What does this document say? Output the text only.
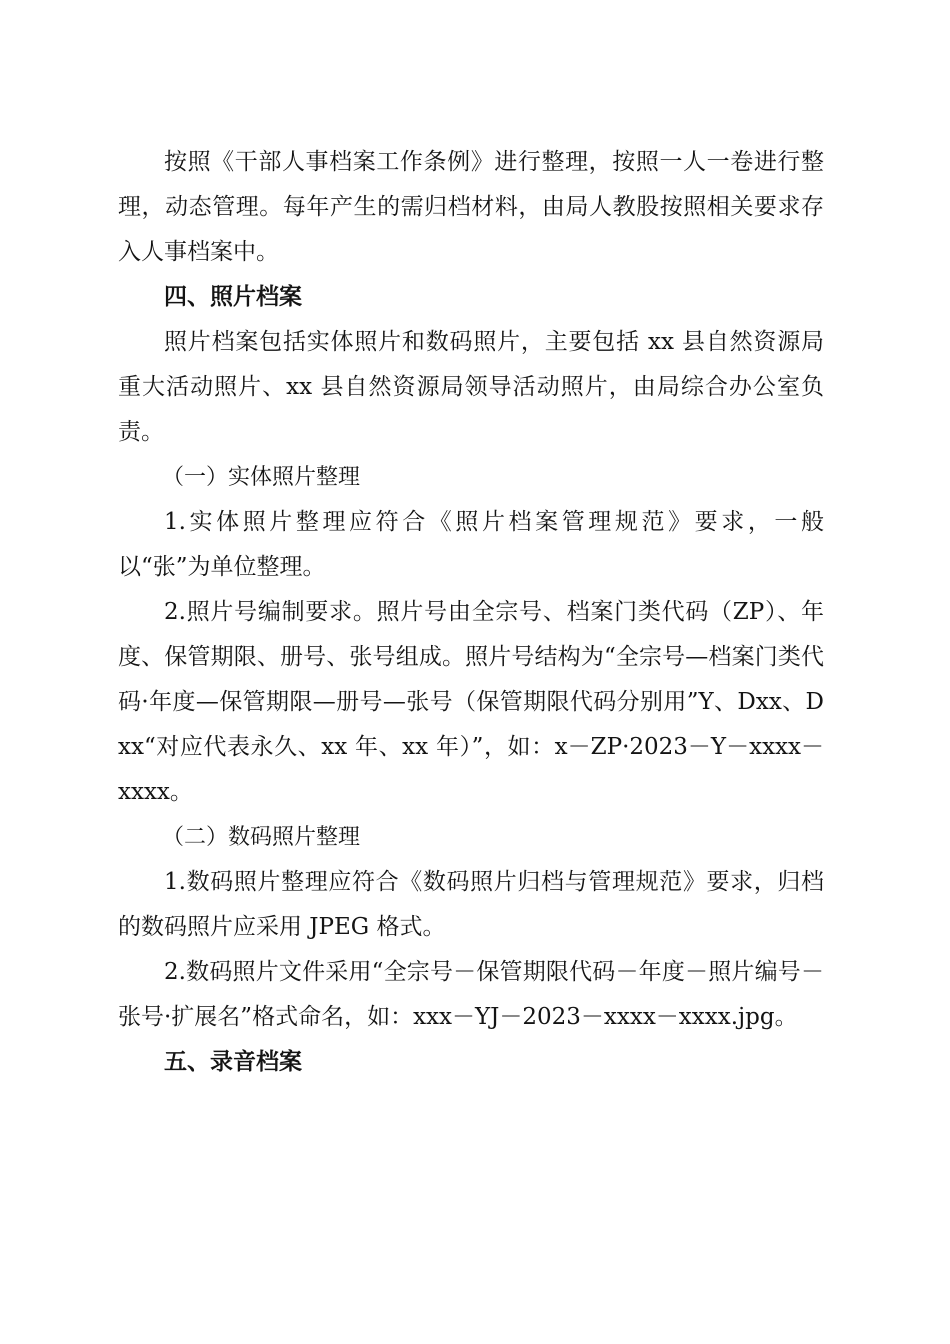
按照《干部人事档案工作条例》进行整理，按照一人一卷进行整理，动态管理。每年产生的需归档材料，由局人教股按照相关要求存入人事档案中。

四、照片档案

照片档案包括实体照片和数码照片，主要包括 xx 县自然资源局重大活动照片、xx 县自然资源局领导活动照片，由局综合办公室负责。

（一）实体照片整理

1.实体照片整理应符合《照片档案管理规范》要求，一般以“张”为单位整理。

2.照片号编制要求。照片号由全宗号、档案门类代码（ZP）、年度、保管期限、册号、张号组成。照片号结构为“全宗号—档案门类代码·年度—保管期限—册号—张号（保管期限代码分别用”Y、Dxx、Dxx“对应代表永久、xx 年、xx 年）”，如：x－ZP·2023－Y－xxxx－xxxx。

（二）数码照片整理

1.数码照片整理应符合《数码照片归档与管理规范》要求，归档的数码照片应采用 JPEG 格式。

2.数码照片文件采用“全宗号－保管期限代码－年度－照片编号－张号·扩展名”格式命名，如：xxx－YJ－2023－xxxx－xxxx.jpg。

五、录音档案
